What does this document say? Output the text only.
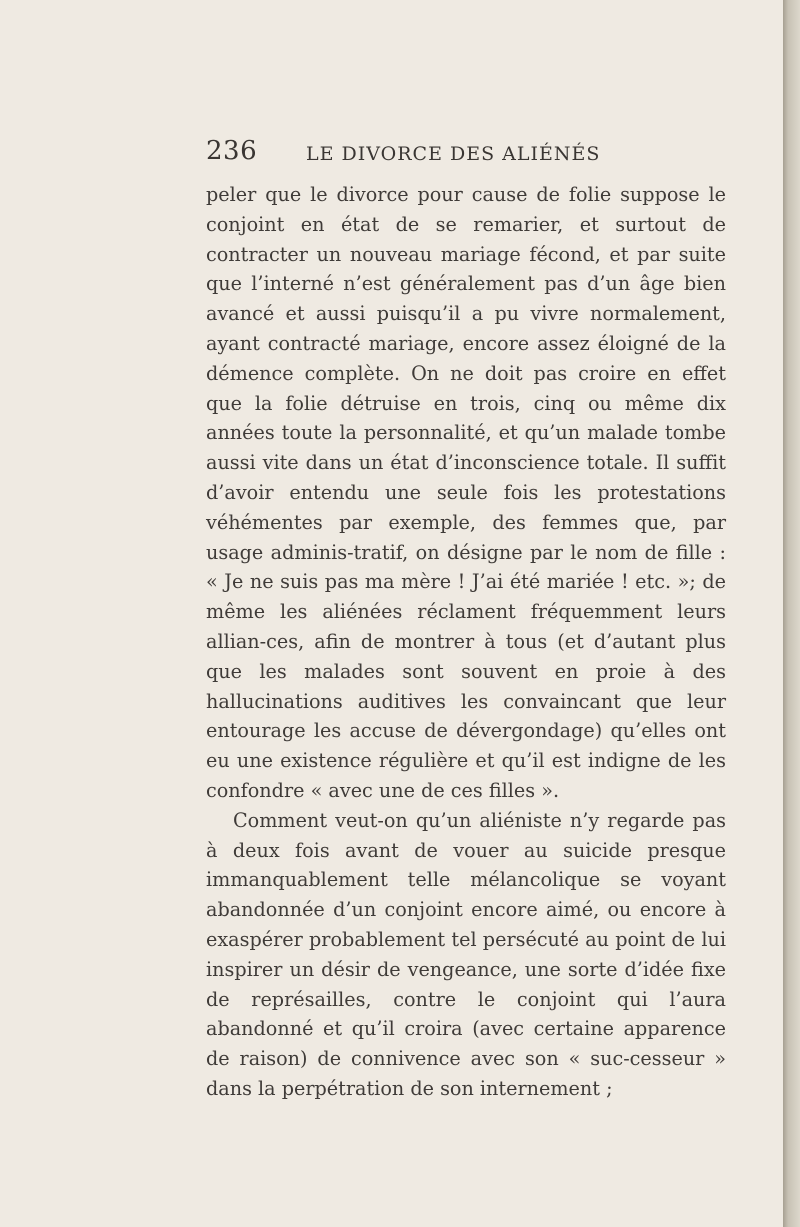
236	LE DIVORCE DES ALIÉNÉS

peler que le divorce pour cause de folie suppose le conjoint en état de se remarier, et surtout de contracter un nouveau mariage fécond, et par suite que l’interné n’est généralement pas d’un âge bien avancé et aussi puisqu’il a pu vivre normalement, ayant contracté mariage, encore assez éloigné de la démence complète. On ne doit pas croire en effet que la folie détruise en trois, cinq ou même dix années toute la personnalité, et qu’un malade tombe aussi vite dans un état d’inconscience totale. Il suffit d’avoir entendu une seule fois les protestations véhémentes par exemple, des femmes que, par usage adminis-tratif, on désigne par le nom de fille : « Je ne suis pas ma mère ! J’ai été mariée ! etc. »; de même les aliénées réclament fréquemment leurs allian-ces, afin de montrer à tous (et d’autant plus que les malades sont souvent en proie à des hallucinations auditives les convaincant que leur entourage les accuse de dévergondage) qu’elles ont eu une existence régulière et qu’il est indigne de les confondre « avec une de ces filles ».

Comment veut-on qu’un aliéniste n’y regarde pas à deux fois avant de vouer au suicide presque immanquablement telle mélancolique se voyant abandonnée d’un conjoint encore aimé, ou encore à exaspérer probablement tel persécuté au point de lui inspirer un désir de vengeance, une sorte d’idée fixe de représailles, contre le conjoint qui l’aura abandonné et qu’il croira (avec certaine apparence de raison) de connivence avec son « suc-cesseur » dans la perpétration de son internement ;
